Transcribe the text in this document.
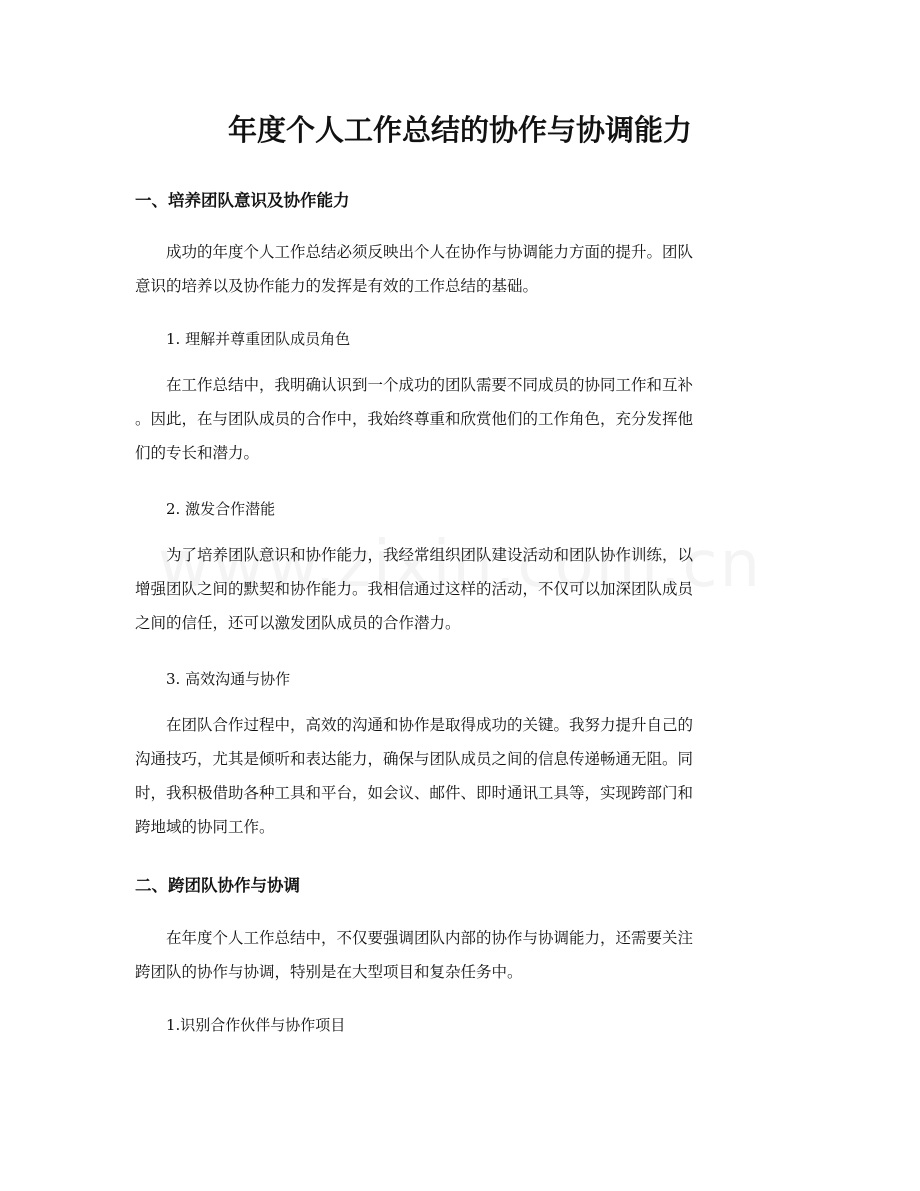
年度个人工作总结的协作与协调能力
一、培养团队意识及协作能力

成功的年度个人工作总结必须反映出个人在协作与协调能力方面的提升。团队
意识的培养以及协作能力的发挥是有效的工作总结的基础。

1. 理解并尊重团队成员角色

在工作总结中，我明确认识到一个成功的团队需要不同成员的协同工作和互补
。因此，在与团队成员的合作中，我始终尊重和欣赏他们的工作角色，充分发挥他
们的专长和潜力。

2. 激发合作潜能

为了培养团队意识和协作能力，我经常组织团队建设活动和团队协作训练，以
增强团队之间的默契和协作能力。我相信通过这样的活动，不仅可以加深团队成员
之间的信任，还可以激发团队成员的合作潜力。

3. 高效沟通与协作

在团队合作过程中，高效的沟通和协作是取得成功的关键。我努力提升自己的
沟通技巧，尤其是倾听和表达能力，确保与团队成员之间的信息传递畅通无阻。同
时，我积极借助各种工具和平台，如会议、邮件、即时通讯工具等，实现跨部门和
跨地域的协同工作。

二、跨团队协作与协调

在年度个人工作总结中，不仅要强调团队内部的协作与协调能力，还需要关注
跨团队的协作与协调，特别是在大型项目和复杂任务中。

1.识别合作伙伴与协作项目
